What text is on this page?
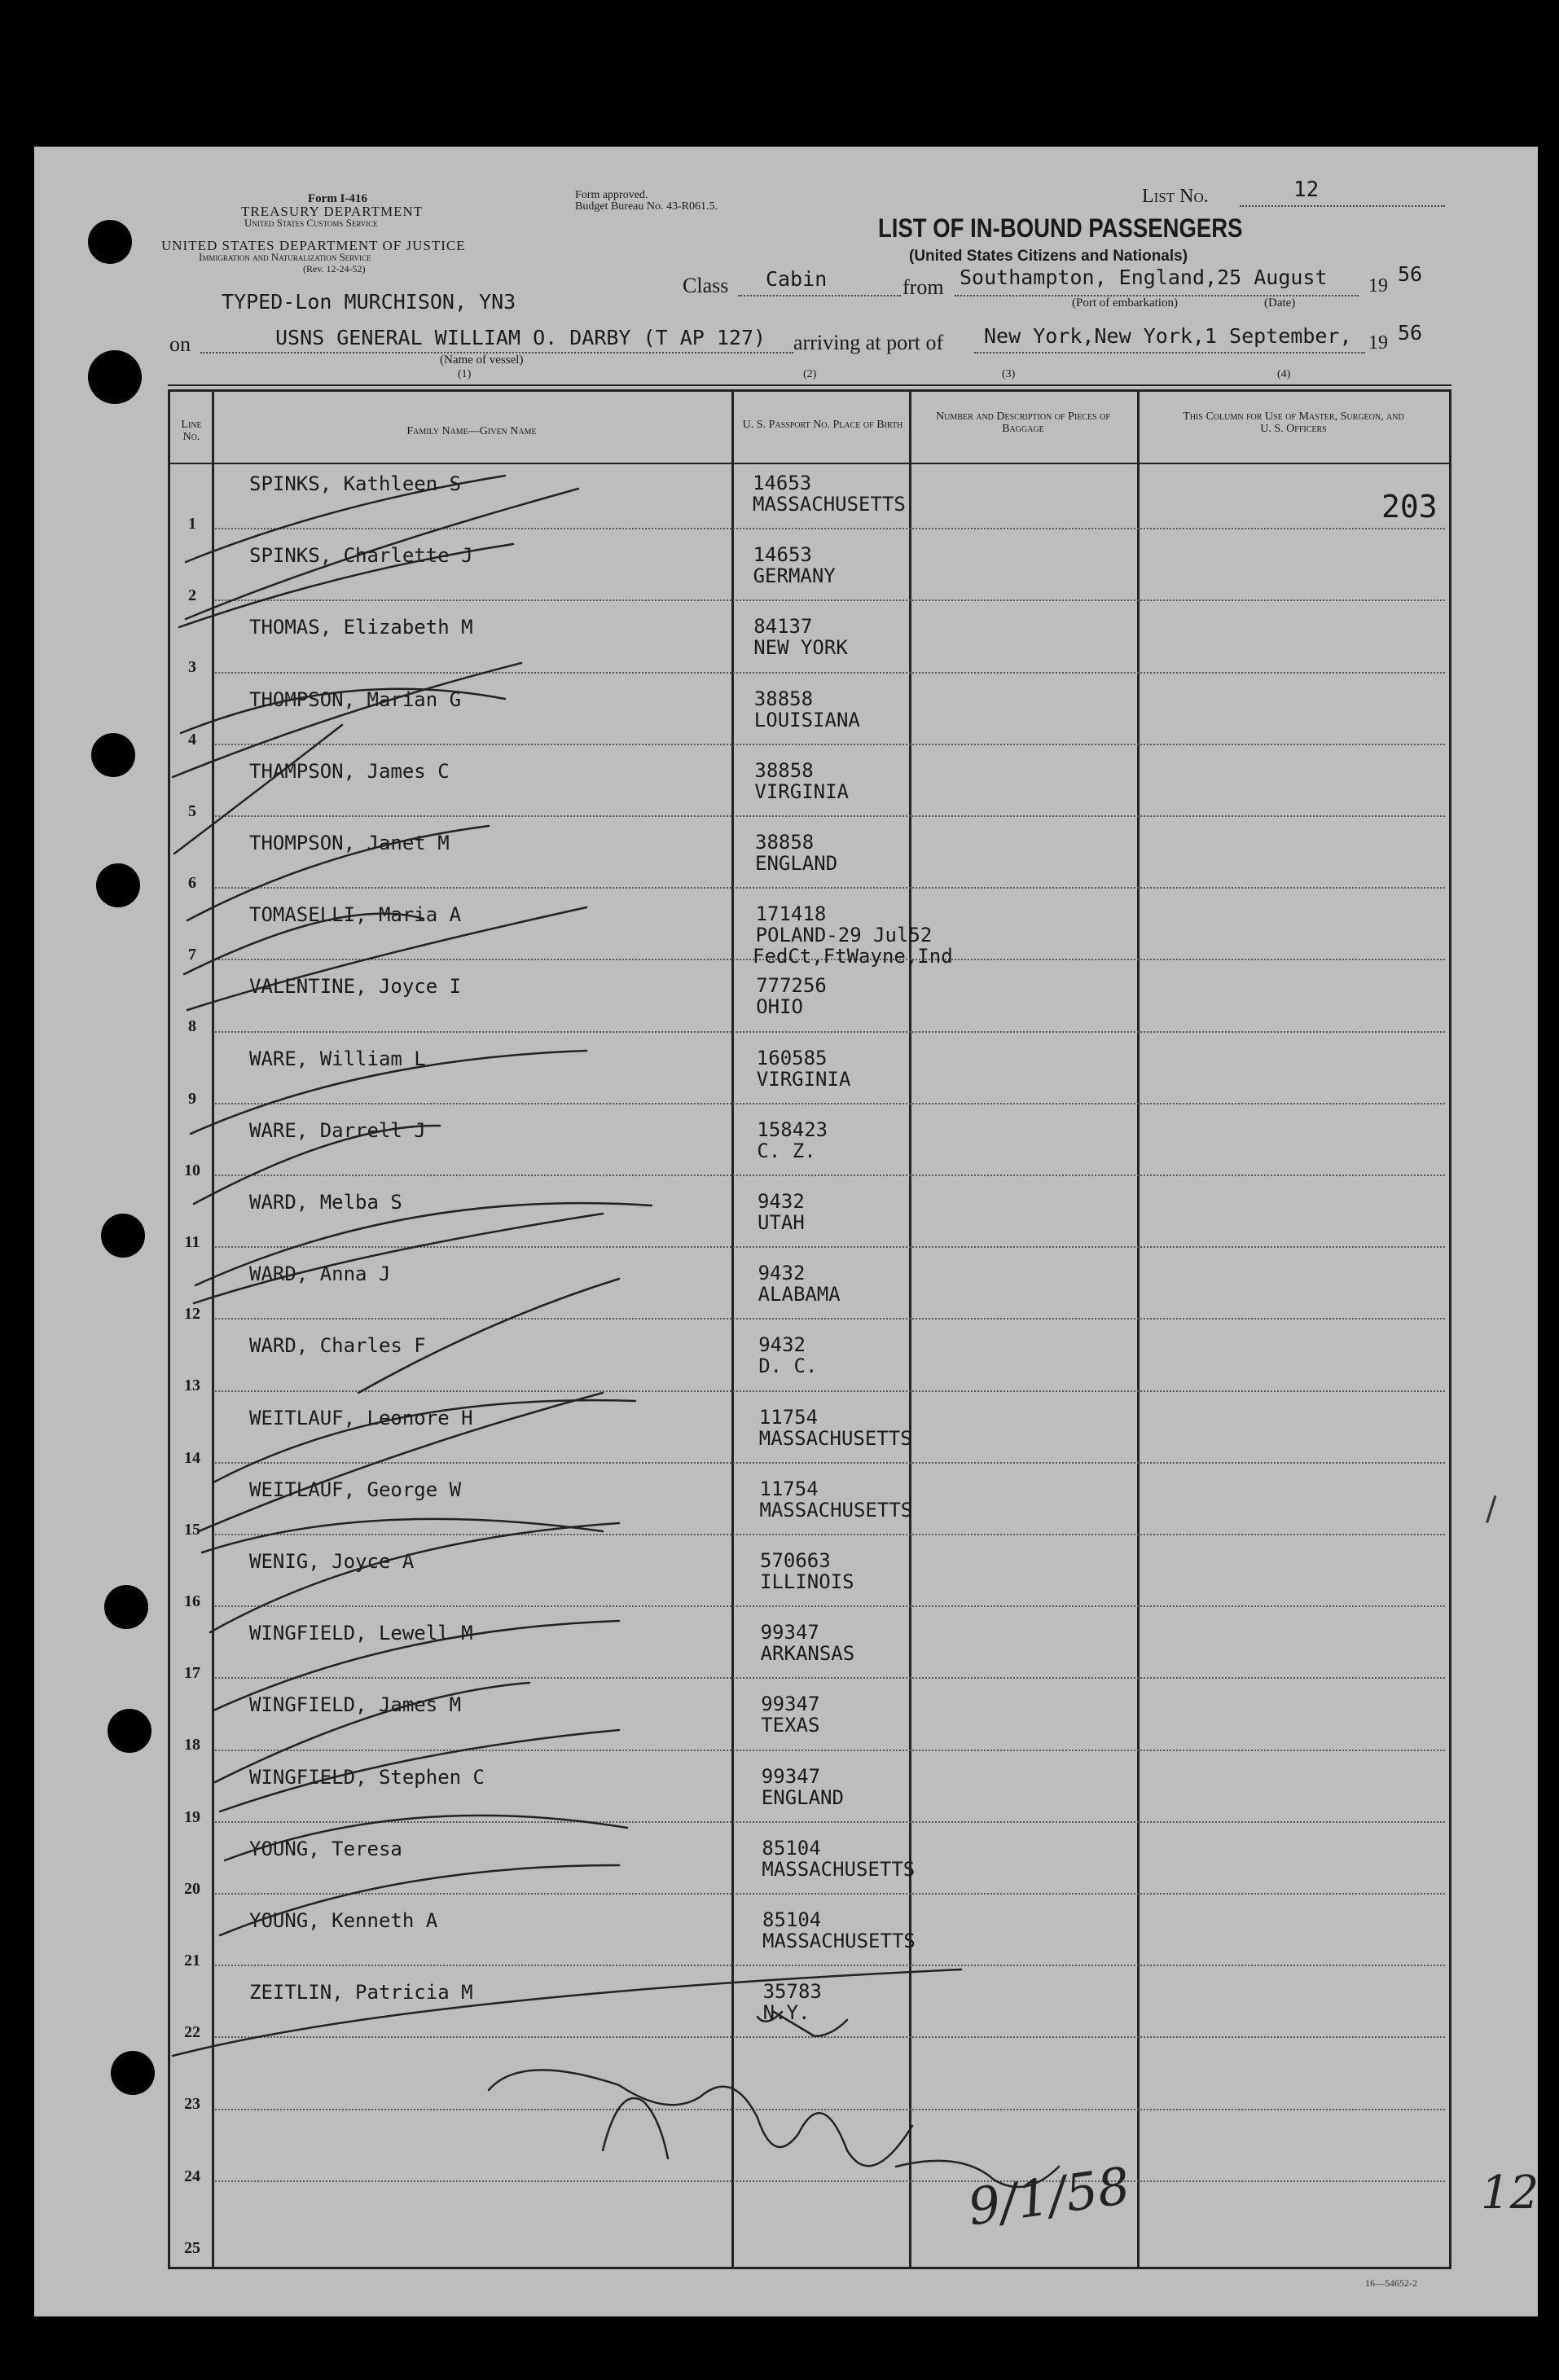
Form I-416
TREASURY DEPARTMENT
United States Customs Service
UNITED STATES DEPARTMENT OF JUSTICE
Immigration and Naturalization Service
(Rev. 12-24-52)
Form approved.
Budget Bureau No. 43-R061.5.	List No.	12
LIST OF IN-BOUND PASSENGERS
(United States Citizens and Nationals)
TYPED-Lon MURCHISON, YN3
Class Cabin	from Southampton, England,25 August 19 56
(Port of embarkation)	(Date)
on	USNS GENERAL WILLIAM O. DARBY (T AP 127) arriving at port of New York,New York,1 September, 19 56
(Name of vessel)
(1)	(2)	(3)	(4)
Line No.	Family Name—Given Name
U. S. Passport No. Place of Birth
Number and Description of Pieces of Baggage
This Column for Use of Master, Surgeon, and U. S. Officers
1
SPINKS, Kathleen S	14653
MASSACHUSETTS
2
SPINKS, Charlette J	14653
GERMANY
3
THOMAS, Elizabeth M	84137
NEW YORK
4
THOMPSON, Marian G	38858
LOUISIANA
5
THAMPSON, James C	38858
VIRGINIA
6
THOMPSON, Janet M	38858
ENGLAND
7
TOMASELLI, Maria A	171418
POLAND-29 Jul52
FedCt,FtWayne,Ind
8
VALENTINE, Joyce I	777256
OHIO
9
WARE, William L	160585
VIRGINIA
10
WARE, Darrell J	158423
C. Z.
11
WARD, Melba S	9432
UTAH
12
WARD, Anna J	9432
ALABAMA
13
WARD, Charles F	9432
D. C.
14
WEITLAUF, Leonore H	11754
MASSACHUSETTS
15
WEITLAUF, George W	11754
MASSACHUSETTS
16
WENIG, Joyce A	570663
ILLINOIS
17
WINGFIELD, Lewell M	99347
ARKANSAS
18
WINGFIELD, James M	99347
TEXAS
19
WINGFIELD, Stephen C	99347
ENGLAND
20
YOUNG, Teresa	85104
MASSACHUSETTS
21
YOUNG, Kenneth A	85104
MASSACHUSETTS
22
ZEITLIN, Patricia M	35783
N.Y.
23
24
25
203
16—54652-2
12
/
9/1/58
